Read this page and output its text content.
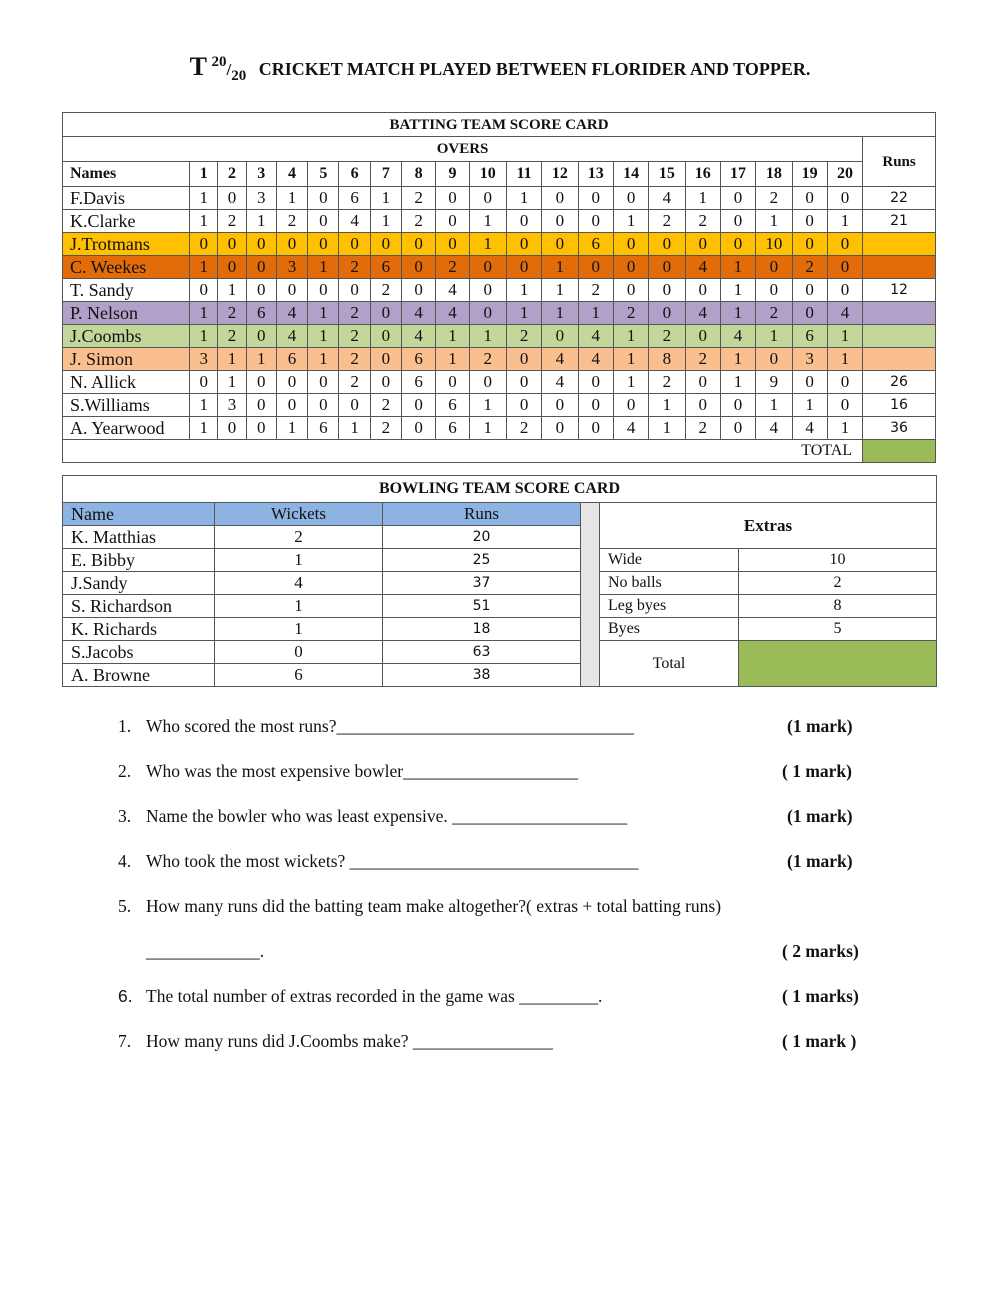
T $^{20}/_{20}$ CRICKET MATCH PLAYED BETWEEN FLORIDER AND TOPPER.
BATTING TEAM SCORE CARD																					
OVERS																					Runs
Names	1	2	3	4	5	6	7	8	9	10	11	12	13	14	15	16	17	18	19	20	
F.Davis	1	0	3	1	0	6	1	2	0	0	1	0	0	0	4	1	0	2	0	0	22
K.Clarke	1	2	1	2	0	4	1	2	0	1	0	0	0	1	2	2	0	1	0	1	21
J.Trotmans	0	0	0	0	0	0	0	0	0	1	0	0	6	0	0	0	0	10	0	0	
C. Weekes	1	0	0	3	1	2	6	0	2	0	0	1	0	0	0	4	1	0	2	0	
T. Sandy	0	1	0	0	0	0	2	0	4	0	1	1	2	0	0	0	1	0	0	0	12
P. Nelson	1	2	6	4	1	2	0	4	4	0	1	1	1	2	0	4	1	2	0	4	
J.Coombs	1	2	0	4	1	2	0	4	1	1	2	0	4	1	2	0	4	1	6	1	
J. Simon	3	1	1	6	1	2	0	6	1	2	0	4	4	1	8	2	1	0	3	1	
N. Allick	0	1	0	0	0	2	0	6	0	0	0	4	0	1	2	0	1	9	0	0	26
S.Williams	1	3	0	0	0	0	2	0	6	1	0	0	0	0	1	0	0	1	1	0	16
A. Yearwood	1	0	0	1	6	1	2	0	6	1	2	0	0	4	1	2	0	4	4	1	36
TOTAL																					
BOWLING TEAM SCORE CARD					
Name	Wickets	Runs		Extras	
K. Matthias	2	20			
E. Bibby	1	25		Wide	10
J.Sandy	4	37		No balls	2
S. Richardson	1	51		Leg byes	8
K. Richards	1	18		Byes	5
S.Jacobs	0	63		Total	
A. Browne	6	38			
1. Who scored the most runs?__________________________________	(1 mark)
2. Who was the most expensive bowler____________________	( 1 mark)
3. Name the bowler who was least expensive. ____________________	(1 mark)
4. Who took the most wickets? _________________________________	(1 mark)
5. How many runs did the batting team make altogether?( extras + total batting runs)
_____________.	( 2 marks)
6. The total number of extras recorded in the game was _________.	( 1 marks)
7. How many runs did J.Coombs make? ________________	( 1 mark )
